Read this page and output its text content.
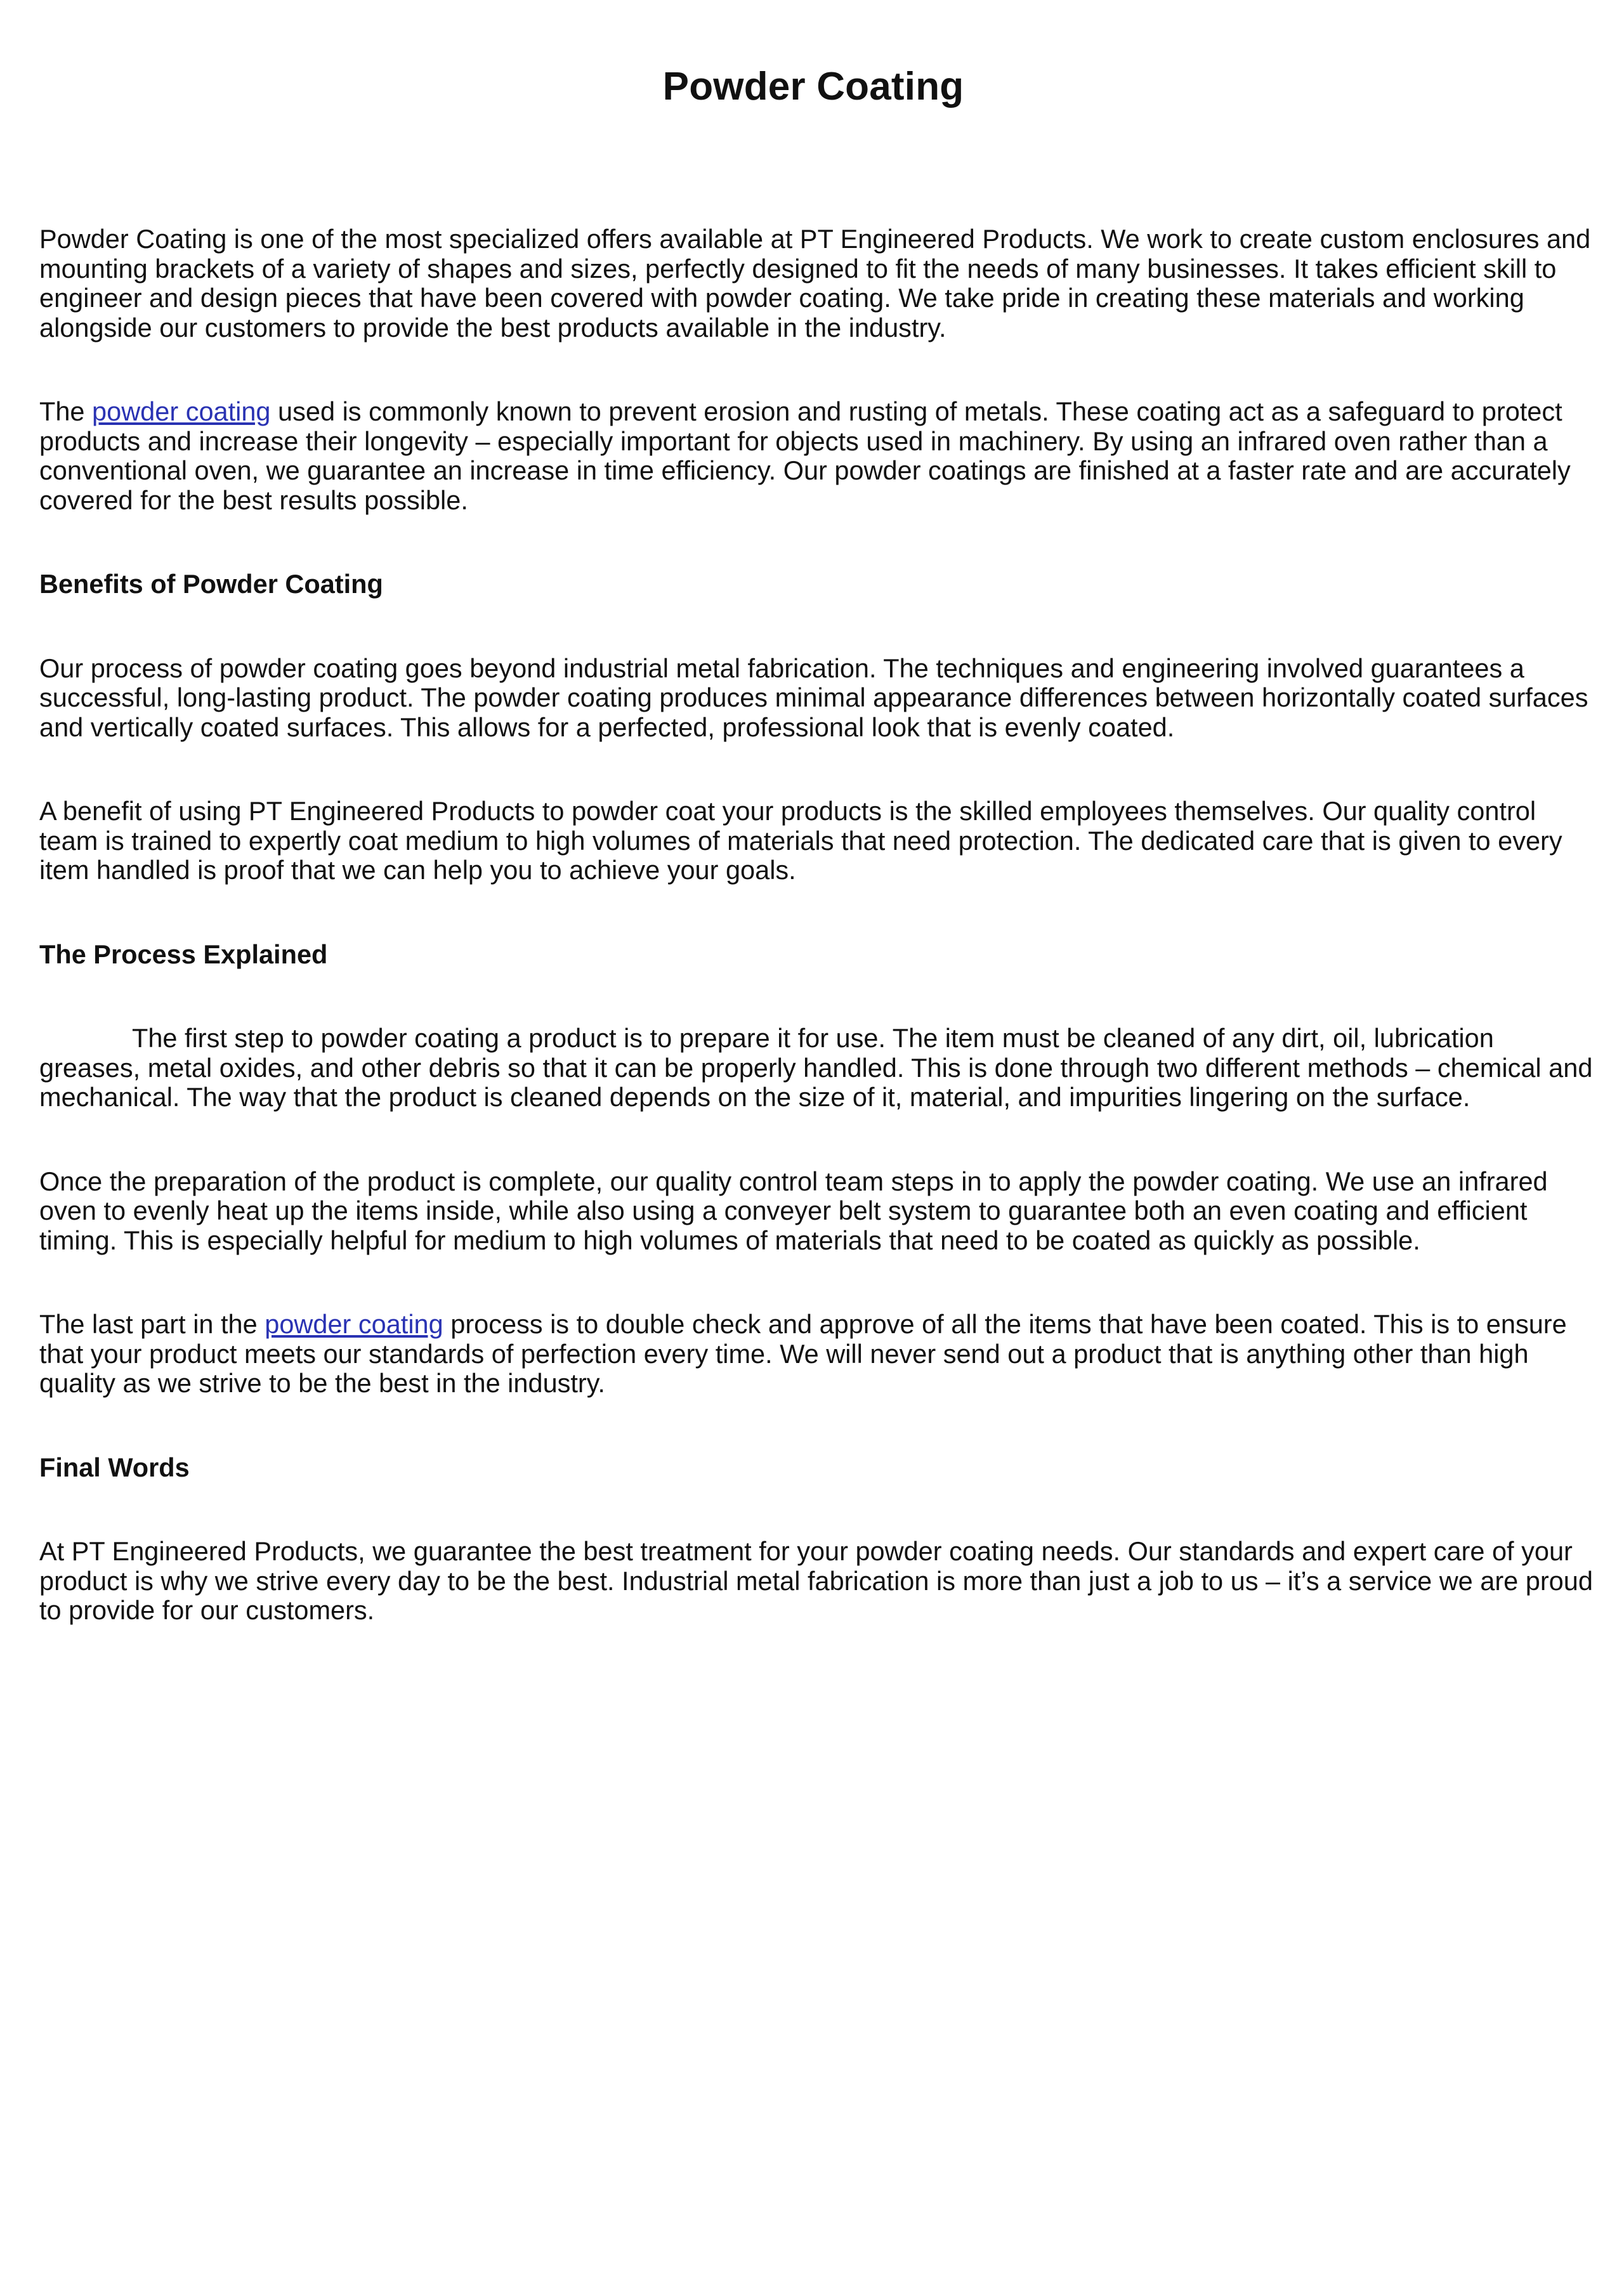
Powder Coating

Powder Coating is one of the most specialized offers available at PT Engineered Products. We work to create custom enclosures and mounting brackets of a variety of shapes and sizes, perfectly designed to fit the needs of many businesses. It takes efficient skill to engineer and design pieces that have been covered with powder coating. We take pride in creating these materials and working alongside our customers to provide the best products available in the industry.

The powder coating used is commonly known to prevent erosion and rusting of metals. These coating act as a safeguard to protect products and increase their longevity – especially important for objects used in machinery. By using an infrared oven rather than a conventional oven, we guarantee an increase in time efficiency. Our powder coatings are finished at a faster rate and are accurately covered for the best results possible.

Benefits of Powder Coating

Our process of powder coating goes beyond industrial metal fabrication. The techniques and engineering involved guarantees a successful, long-lasting product. The powder coating produces minimal appearance differences between horizontally coated surfaces and vertically coated surfaces. This allows for a perfected, professional look that is evenly coated.

A benefit of using PT Engineered Products to powder coat your products is the skilled employees themselves. Our quality control team is trained to expertly coat medium to high volumes of materials that need protection. The dedicated care that is given to every item handled is proof that we can help you to achieve your goals.

The Process Explained

The first step to powder coating a product is to prepare it for use. The item must be cleaned of any dirt, oil, lubrication greases, metal oxides, and other debris so that it can be properly handled. This is done through two different methods – chemical and mechanical. The way that the product is cleaned depends on the size of it, material, and impurities lingering on the surface.

Once the preparation of the product is complete, our quality control team steps in to apply the powder coating. We use an infrared oven to evenly heat up the items inside, while also using a conveyer belt system to guarantee both an even coating and efficient timing. This is especially helpful for medium to high volumes of materials that need to be coated as quickly as possible.

The last part in the powder coating process is to double check and approve of all the items that have been coated. This is to ensure that your product meets our standards of perfection every time. We will never send out a product that is anything other than high quality as we strive to be the best in the industry.

Final Words

At PT Engineered Products, we guarantee the best treatment for your powder coating needs. Our standards and expert care of your product is why we strive every day to be the best. Industrial metal fabrication is more than just a job to us – it’s a service we are proud to provide for our customers.
